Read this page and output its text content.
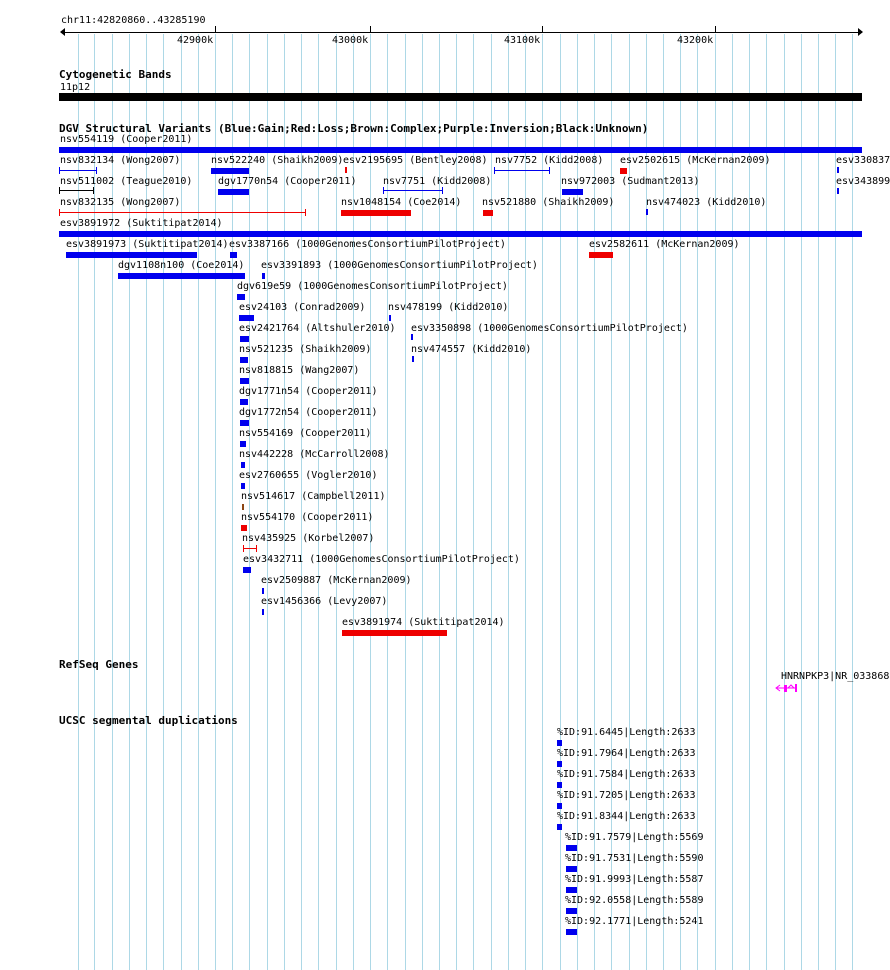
chr11:42820860..43285190
42900k	43000k	43100k	43200k
Cytogenetic Bands
11p12
DGV Structural Variants (Blue:Gain;Red:Loss;Brown:Complex;Purple:Inversion;Black:Unknown)
nsv554119 (Cooper2011)
nsv832134 (Wong2007)	nsv522240 (Shaikh2009) esv2195695 (Bentley2008) nsv7752 (Kidd2008) esv2502615 (McKernan2009)	esv330837
nsv511002 (Teague2010)	dgv1770n54 (Cooper2011)	nsv7751 (Kidd2008)	nsv972003 (Sudmant2013)	esv343899
nsv832135 (Wong2007)	nsv1048154 (Coe2014) nsv521880 (Shaikh2009)	nsv474023 (Kidd2010)
esv3891972 (Suktitipat2014)
esv3891973 (Suktitipat2014) esv3387166 (1000GenomesConsortiumPilotProject)	esv2582611 (McKernan2009)
dgv1108n100 (Coe2014) esv3391893 (1000GenomesConsortiumPilotProject)
dgv619e59 (1000GenomesConsortiumPilotProject)
esv24103 (Conrad2009) nsv478199 (Kidd2010)
esv2421764 (Altshuler2010) esv3350898 (1000GenomesConsortiumPilotProject)
nsv521235 (Shaikh2009)	nsv474557 (Kidd2010)
nsv818815 (Wang2007)
dgv1771n54 (Cooper2011)
dgv1772n54 (Cooper2011)
nsv554169 (Cooper2011)
nsv442228 (McCarroll2008)
esv2760655 (Vogler2010)
nsv514617 (Campbell2011)
nsv554170 (Cooper2011)
nsv435925 (Korbel2007)
esv3432711 (1000GenomesConsortiumPilotProject)
esv2509887 (McKernan2009)
esv1456366 (Levy2007)
esv3891974 (Suktitipat2014)
RefSeq Genes
HNRNPKP3|NR_033868
UCSC segmental duplications
%ID:91.6445|Length:2633
%ID:91.7964|Length:2633
%ID:91.7584|Length:2633
%ID:91.7205|Length:2633
%ID:91.8344|Length:2633
%ID:91.7579|Length:5569
%ID:91.7531|Length:5590
%ID:91.9993|Length:5587
%ID:92.0558|Length:5589
%ID:92.1771|Length:5241
